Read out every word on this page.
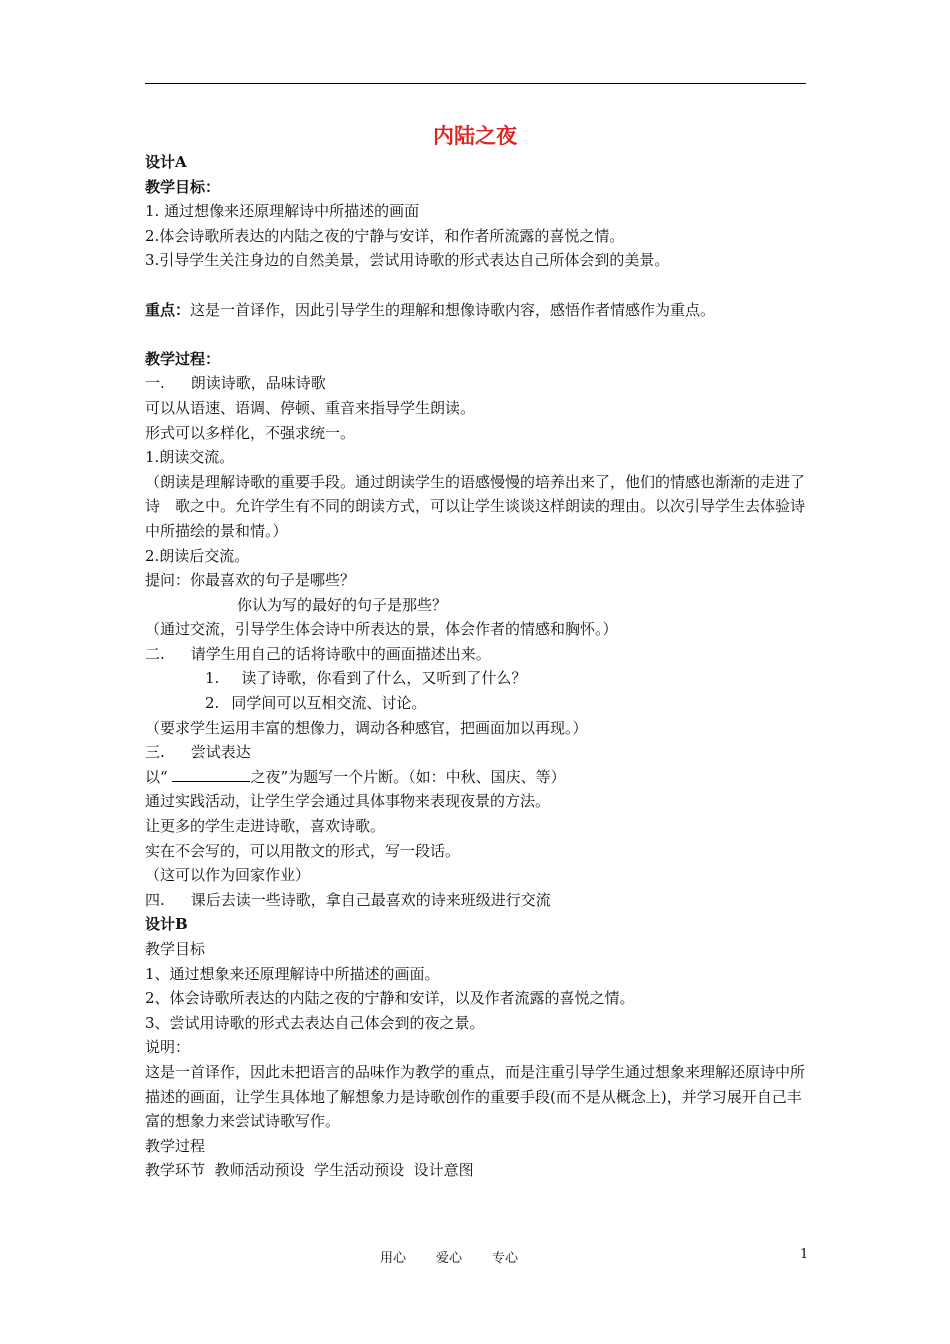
内陆之夜

设计A

教学目标：

1. 通过想像来还原理解诗中所描述的画面

2.体会诗歌所表达的内陆之夜的宁静与安详，和作者所流露的喜悦之情。

3.引导学生关注身边的自然美景，尝试用诗歌的形式表达自己所体会到的美景。

重点：这是一首译作，因此引导学生的理解和想像诗歌内容，感悟作者情感作为重点。

教学过程：

一. 朗读诗歌，品味诗歌

可以从语速、语调、停顿、重音来指导学生朗读。

形式可以多样化，不强求统一。

1.朗读交流。

（朗读是理解诗歌的重要手段。通过朗读学生的语感慢慢的培养出来了，他们的情感也渐渐的走进了诗　歌之中。允许学生有不同的朗读方式，可以让学生谈谈这样朗读的理由。以次引导学生去体验诗中所描绘的景和情。）

2.朗读后交流。

提问：你最喜欢的句子是哪些？

你认为写的最好的句子是那些？

（通过交流，引导学生体会诗中所表达的景，体会作者的情感和胸怀。）

二. 请学生用自己的话将诗歌中的画面描述出来。

1. 读了诗歌，你看到了什么，又听到了什么？

2. 同学间可以互相交流、讨论。

（要求学生运用丰富的想像力，调动各种感官，把画面加以再现。）

三. 尝试表达

以“	之夜”为题写一个片断。（如：中秋、国庆、等）

通过实践活动，让学生学会通过具体事物来表现夜景的方法。

让更多的学生走进诗歌，喜欢诗歌。

实在不会写的，可以用散文的形式，写一段话。

（这可以作为回家作业）

四. 课后去读一些诗歌，拿自己最喜欢的诗来班级进行交流

设计B

教学目标

1、通过想象来还原理解诗中所描述的画面。

2、体会诗歌所表达的内陆之夜的宁静和安详，以及作者流露的喜悦之情。

3、尝试用诗歌的形式去表达自己体会到的夜之景。

说明：

这是一首译作，因此未把语言的品味作为教学的重点，而是注重引导学生通过想象来理解还原诗中所描述的画面，让学生具体地了解想象力是诗歌创作的重要手段(而不是从概念上)，并学习展开自己丰富的想象力来尝试诗歌写作。

教学过程

教学环节  教师活动预设  学生活动预设  设计意图

用心 爱心 专心	1
